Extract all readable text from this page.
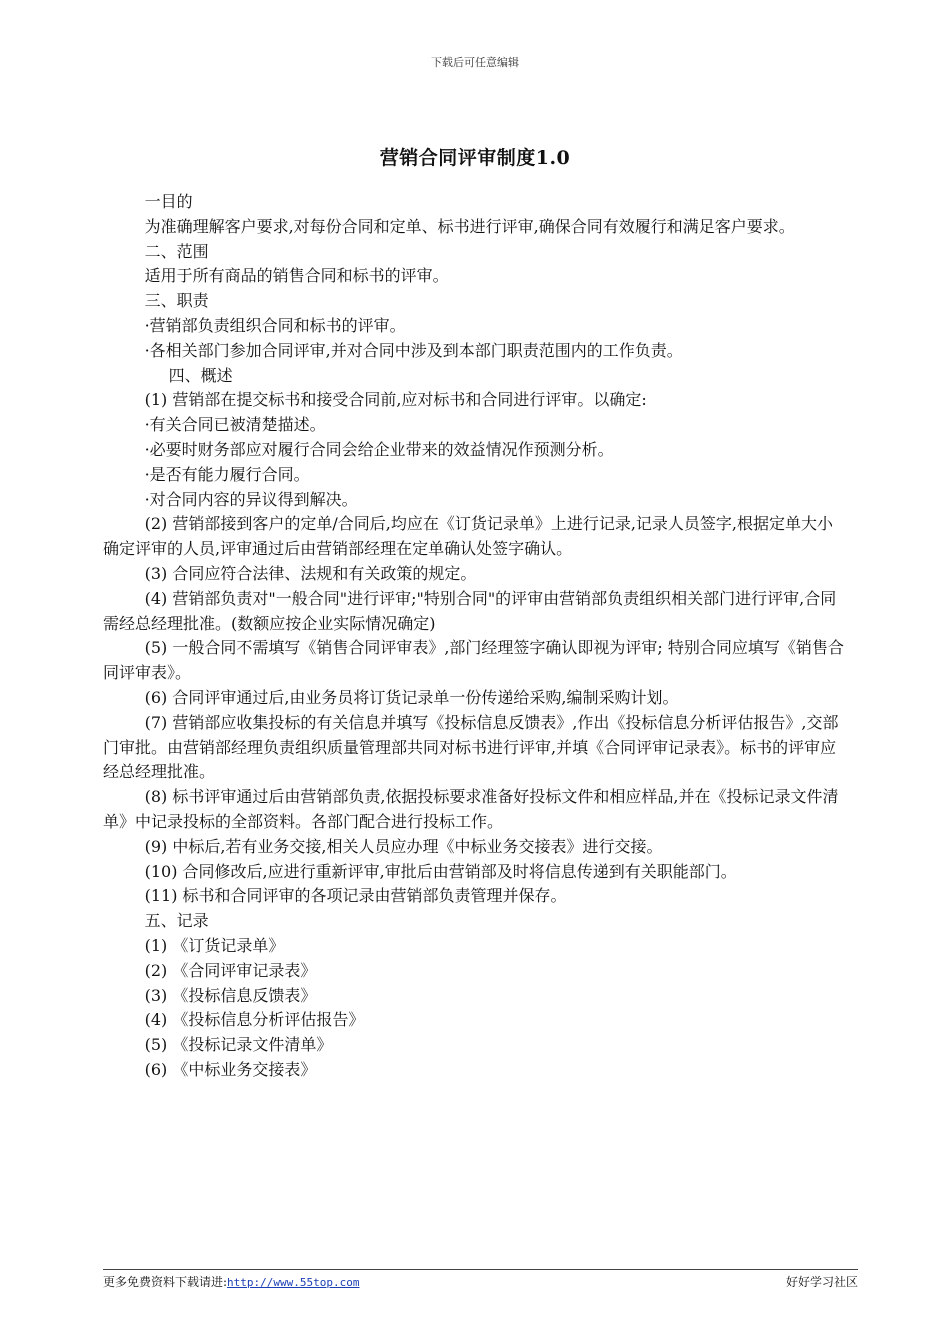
下载后可任意编辑
营销合同评审制度1.0

一目的

为准确理解客户要求,对每份合同和定单、标书进行评审,确保合同有效履行和满足客户要求。

二、范围

适用于所有商品的销售合同和标书的评审。

三、职责

·营销部负责组织合同和标书的评审。

·各相关部门参加合同评审,并对合同中涉及到本部门职责范围内的工作负责。

四、概述

(1) 营销部在提交标书和接受合同前,应对标书和合同进行评审。以确定:

·有关合同已被清楚描述。

·必要时财务部应对履行合同会给企业带来的效益情况作预测分析。

·是否有能力履行合同。

·对合同内容的异议得到解决。

(2) 营销部接到客户的定单/合同后,均应在《订货记录单》上进行记录,记录人员签字,根据定单大小确定评审的人员,评审通过后由营销部经理在定单确认处签字确认。

(3) 合同应符合法律、法规和有关政策的规定。

(4) 营销部负责对"一般合同"进行评审;"特别合同"的评审由营销部负责组织相关部门进行评审,合同需经总经理批准。(数额应按企业实际情况确定)

(5) 一般合同不需填写《销售合同评审表》,部门经理签字确认即视为评审; 特别合同应填写《销售合同评审表》。

(6) 合同评审通过后,由业务员将订货记录单一份传递给采购,编制采购计划。

(7) 营销部应收集投标的有关信息并填写《投标信息反馈表》,作出《投标信息分析评估报告》,交部门审批。由营销部经理负责组织质量管理部共同对标书进行评审,并填《合同评审记录表》。标书的评审应经总经理批准。

(8) 标书评审通过后由营销部负责,依据投标要求准备好投标文件和相应样品,并在《投标记录文件清单》中记录投标的全部资料。各部门配合进行投标工作。

(9) 中标后,若有业务交接,相关人员应办理《中标业务交接表》进行交接。

(10) 合同修改后,应进行重新评审,审批后由营销部及时将信息传递到有关职能部门。

(11) 标书和合同评审的各项记录由营销部负责管理并保存。

五、记录

(1) 《订货记录单》

(2) 《合同评审记录表》

(3) 《投标信息反馈表》

(4) 《投标信息分析评估报告》

(5) 《投标记录文件清单》

(6) 《中标业务交接表》

更多免费资料下载请进:http://www.55top.com	好好学习社区
